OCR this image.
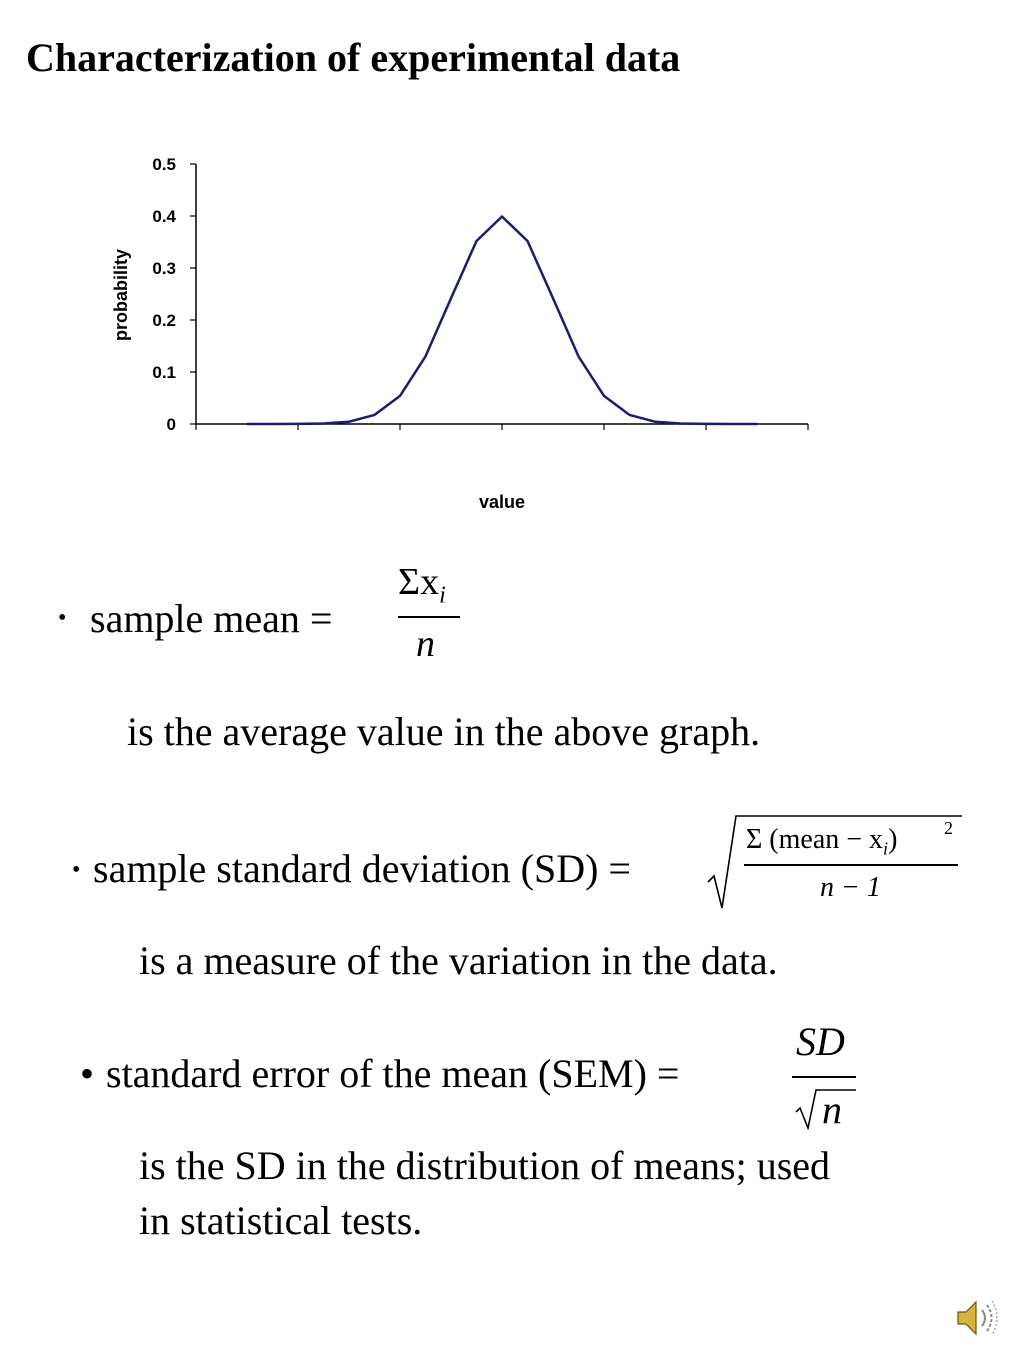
Characterization of experimental data
0
0.1
0.2
0.3
0.4
0.5
probability
value
• sample mean =
$\Sigma x_i$
n
is the average value in the above graph.
• sample standard deviation (SD) =
Σ (mean − $x_i$)	2
n − 1
is a measure of the variation in the data.
• standard error of the mean (SEM) =
SD
n
is the SD in the distribution of means; used
in statistical tests.
